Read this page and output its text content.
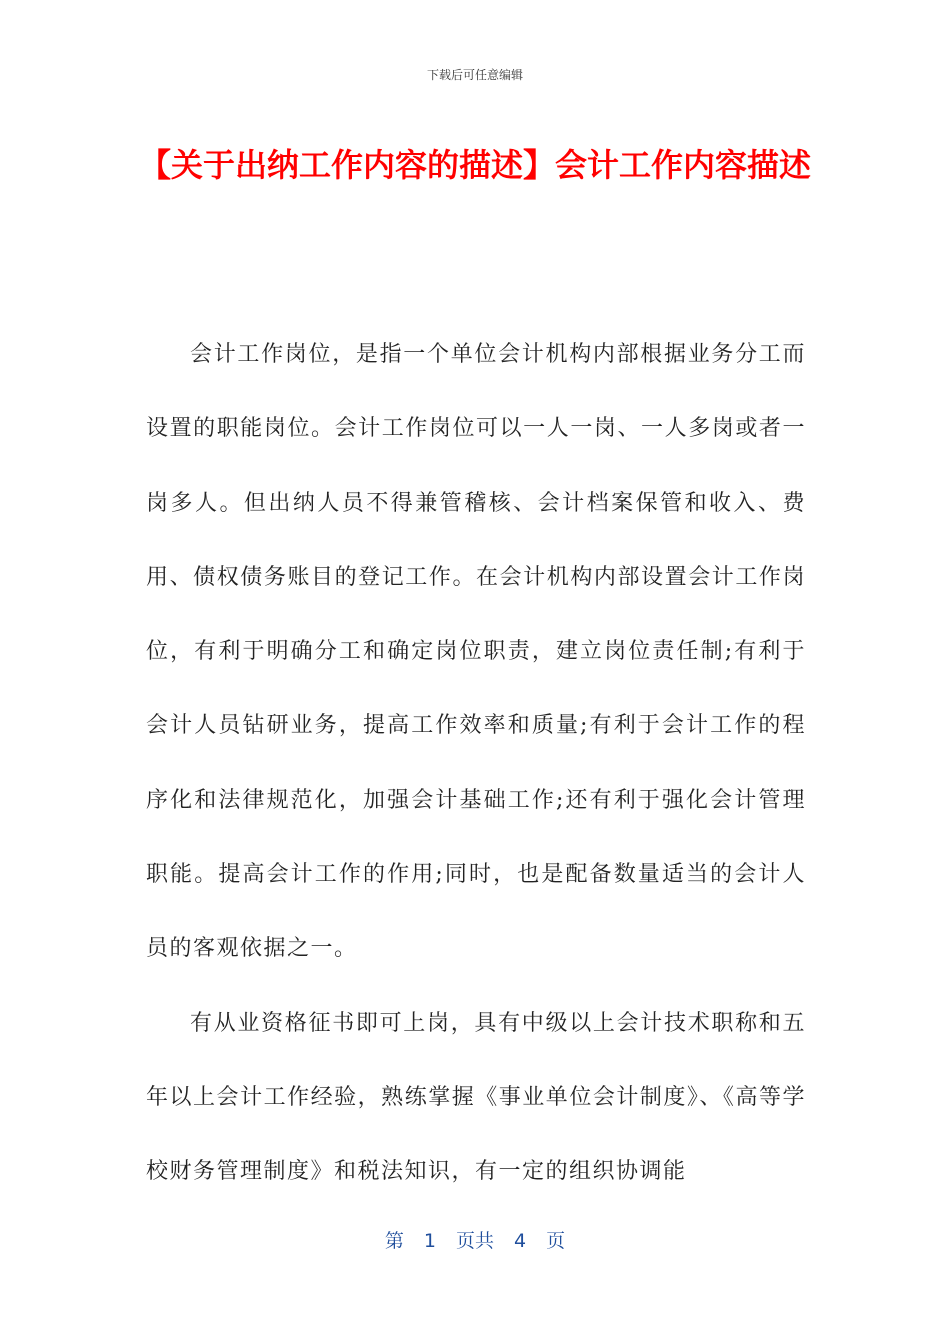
下载后可任意编辑
【关于出纳工作内容的描述】会计工作内容描述

会计工作岗位，是指一个单位会计机构内部根据业务分工而设置的职能岗位。会计工作岗位可以一人一岗、一人多岗或者一岗多人。但出纳人员不得兼管稽核、会计档案保管和收入、费用、债权债务账目的登记工作。在会计机构内部设置会计工作岗位，有利于明确分工和确定岗位职责，建立岗位责任制;有利于会计人员钻研业务，提高工作效率和质量;有利于会计工作的程序化和法律规范化，加强会计基础工作;还有利于强化会计管理职能。提高会计工作的作用;同时，也是配备数量适当的会计人员的客观依据之一。

有从业资格征书即可上岗，具有中级以上会计技术职称和五年以上会计工作经验，熟练掌握《事业单位会计制度》、《高等学校财务管理制度》和税法知识，有一定的组织协调能

第 1 页共 4 页
